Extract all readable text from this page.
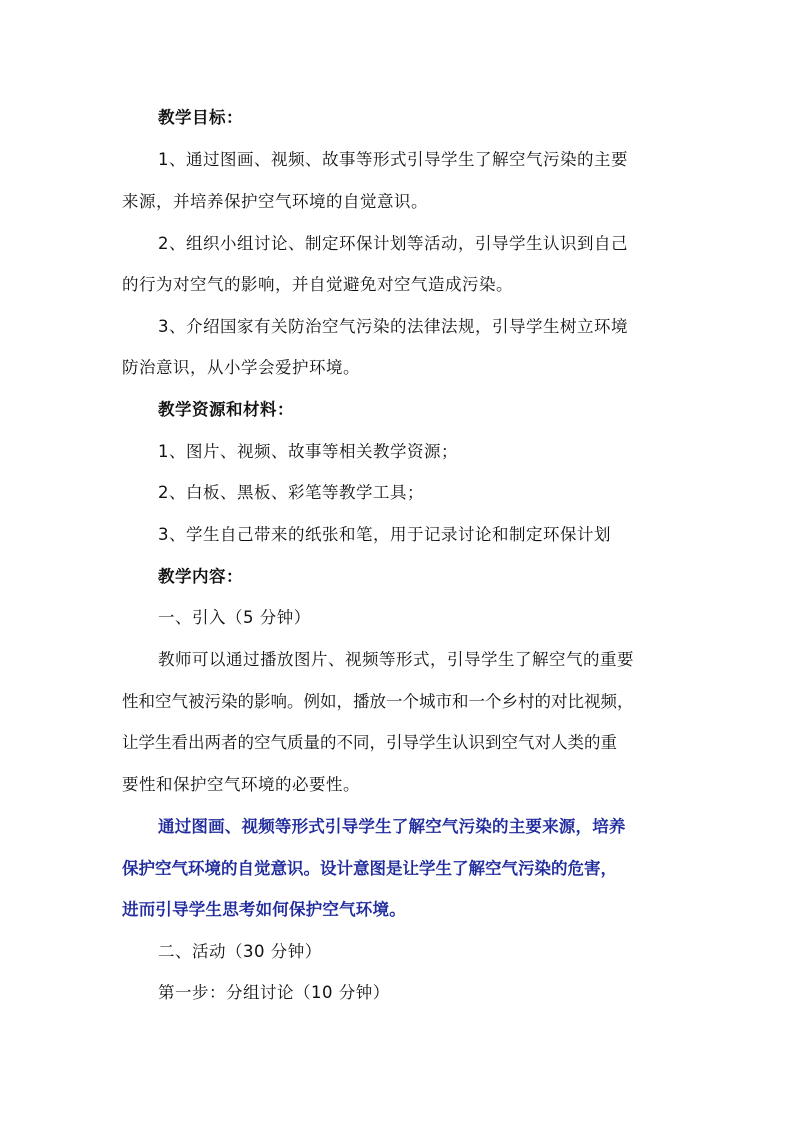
教学目标：
1、通过图画、视频、故事等形式引导学生了解空气污染的主要
来源，并培养保护空气环境的自觉意识。
2、组织小组讨论、制定环保计划等活动，引导学生认识到自己
的行为对空气的影响，并自觉避免对空气造成污染。
3、介绍国家有关防治空气污染的法律法规，引导学生树立环境
防治意识，从小学会爱护环境。
教学资源和材料：
1、图片、视频、故事等相关教学资源；
2、白板、黑板、彩笔等教学工具；
3、学生自己带来的纸张和笔，用于记录讨论和制定环保计划
教学内容：
一、引入（5 分钟）
教师可以通过播放图片、视频等形式，引导学生了解空气的重要
性和空气被污染的影响。例如，播放一个城市和一个乡村的对比视频，
让学生看出两者的空气质量的不同，引导学生认识到空气对人类的重
要性和保护空气环境的必要性。
通过图画、视频等形式引导学生了解空气污染的主要来源，培养
保护空气环境的自觉意识。设计意图是让学生了解空气污染的危害，
进而引导学生思考如何保护空气环境。
二、活动（30 分钟）
第一步：分组讨论（10 分钟）
